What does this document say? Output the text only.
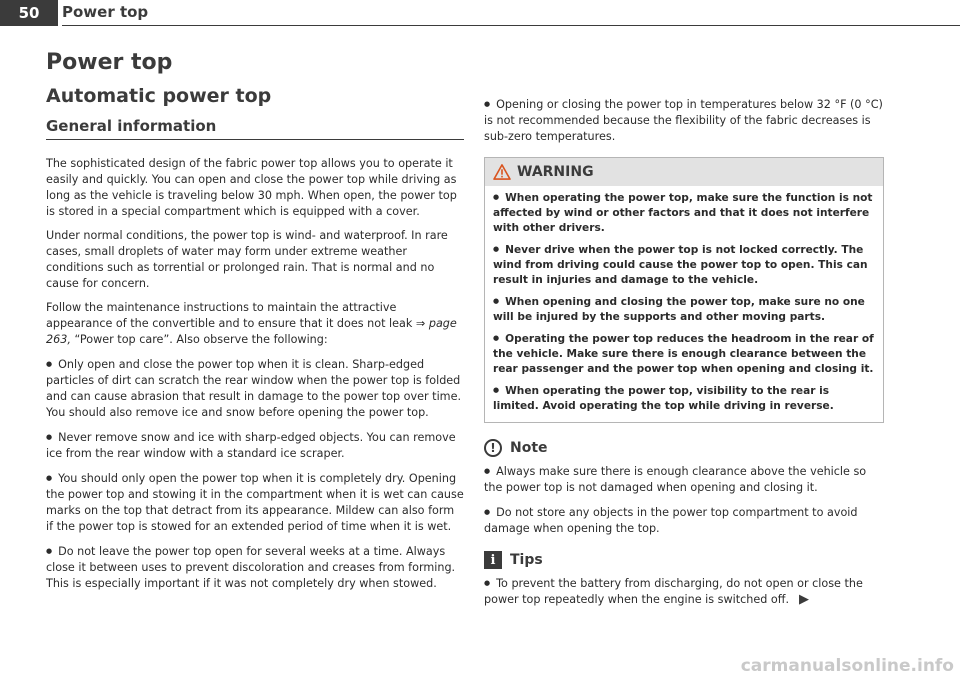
50	Power top
Power top
Automatic power top
General information

The sophisticated design of the fabric power top allows you to operate it easily and quickly. You can open and close the power top while driving as long as the vehicle is traveling below 30 mph. When open, the power top is stored in a special compartment which is equipped with a cover.

Under normal conditions, the power top is wind- and waterproof. In rare cases, small droplets of water may form under extreme weather conditions such as torrential or prolonged rain. That is normal and no cause for concern.

Follow the maintenance instructions to maintain the attractive appearance of the convertible and to ensure that it does not leak ⇒ page 263, “Power top care”. Also observe the following:

● Only open and close the power top when it is clean. Sharp-edged particles of dirt can scratch the rear window when the power top is folded and can cause abrasion that result in damage to the power top over time. You should also remove ice and snow before opening the power top.

● Never remove snow and ice with sharp-edged objects. You can remove ice from the rear window with a standard ice scraper.

● You should only open the power top when it is completely dry. Opening the power top and stowing it in the compartment when it is wet can cause marks on the top that detract from its appearance. Mildew can also form if the power top is stowed for an extended period of time when it is wet.

● Do not leave the power top open for several weeks at a time. Always close it between uses to prevent discoloration and creases from forming. This is especially important if it was not completely dry when stowed.

● Opening or closing the power top in temperatures below 32 °F (0 °C) is not recommended because the flexibility of the fabric decreases is sub-zero temperatures.

WARNING

● When operating the power top, make sure the function is not affected by wind or other factors and that it does not interfere with other drivers.

● Never drive when the power top is not locked correctly. The wind from driving could cause the power top to open. This can result in injuries and damage to the vehicle.

● When opening and closing the power top, make sure no one will be injured by the supports and other moving parts.

● Operating the power top reduces the headroom in the rear of the vehicle. Make sure there is enough clearance between the rear passenger and the power top when opening and closing it.

● When operating the power top, visibility to the rear is limited. Avoid operating the top while driving in reverse.

!	Note

● Always make sure there is enough clearance above the vehicle so the power top is not damaged when opening and closing it.

● Do not store any objects in the power top compartment to avoid damage when opening the top.

i	Tips

● To prevent the battery from discharging, do not open or close the power top repeatedly when the engine is switched off. ▶

carmanualsonline.info
